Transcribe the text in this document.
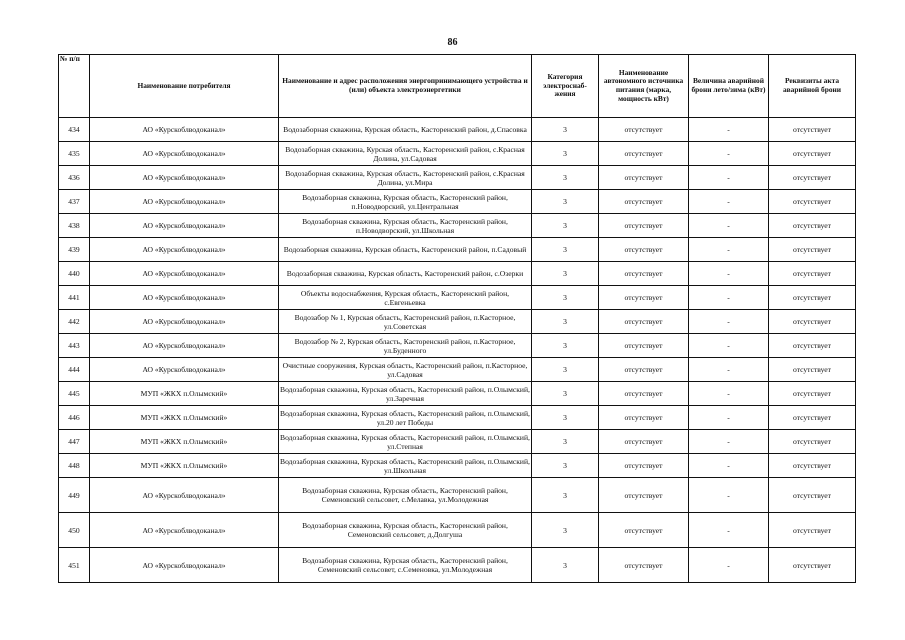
86
№ п/п	Наименование потребителя	Наименование и адрес расположения энергопринимающего устройства и (или) объекта электроэнергетики	Категория электроснаб-жения	Наименование автономного источника питания (марка, мощность кВт)	Величина аварийной брони лето/зима (кВт)	Реквизиты акта аварийной брони
434	АО «Курскоблводоканал»	Водозаборная скважина, Курская область, Касторенский район, д.Спасовка	3	отсутствует	-	отсутствует
435	АО «Курскоблводоканал»	Водозаборная скважина, Курская область, Касторенский район, с.Красная Долина, ул.Садовая	3	отсутствует	-	отсутствует
436	АО «Курскоблводоканал»	Водозаборная скважина, Курская область, Касторенский район, с.Красная Долина, ул.Мира	3	отсутствует	-	отсутствует
437	АО «Курскоблводоканал»	Водозаборная скважина, Курская область, Касторенский район, п.Новодворский, ул.Центральная	3	отсутствует	-	отсутствует
438	АО «Курскоблводоканал»	Водозаборная скважина, Курская область, Касторенский район, п.Новодворский, ул.Школьная	3	отсутствует	-	отсутствует
439	АО «Курскоблводоканал»	Водозаборная скважина, Курская область, Касторенский район, п.Садовый	3	отсутствует	-	отсутствует
440	АО «Курскоблводоканал»	Водозаборная скважина, Курская область, Касторенский район, с.Озерки	3	отсутствует	-	отсутствует
441	АО «Курскоблводоканал»	Объекты водоснабжения, Курская область, Касторенский район, с.Евгеньевка	3	отсутствует	-	отсутствует
442	АО «Курскоблводоканал»	Водозабор № 1, Курская область, Касторенский район, п.Касторное, ул.Советская	3	отсутствует	-	отсутствует
443	АО «Курскоблводоканал»	Водозабор № 2, Курская область, Касторенский район, п.Касторное, ул.Буденного	3	отсутствует	-	отсутствует
444	АО «Курскоблводоканал»	Очистные сооружения, Курская область, Касторенский район, п.Касторное, ул.Садовая	3	отсутствует	-	отсутствует
445	МУП «ЖКХ п.Олымский»	Водозаборная скважина, Курская область, Касторенский район, п.Олымский, ул.Заречная	3	отсутствует	-	отсутствует
446	МУП «ЖКХ п.Олымский»	Водозаборная скважина, Курская область, Касторенский район, п.Олымский, ул.20 лет Победы	3	отсутствует	-	отсутствует
447	МУП «ЖКХ п.Олымский»	Водозаборная скважина, Курская область, Касторенский район, п.Олымский, ул.Степная	3	отсутствует	-	отсутствует
448	МУП «ЖКХ п.Олымский»	Водозаборная скважина, Курская область, Касторенский район, п.Олымский, ул.Школьная	3	отсутствует	-	отсутствует
449	АО «Курскоблводоканал»	Водозаборная скважина, Курская область, Касторенский район, Семеновский сельсовет, с.Мелавка, ул.Молодежная	3	отсутствует	-	отсутствует
450	АО «Курскоблводоканал»	Водозаборная скважина, Курская область, Касторенский район, Семеновский сельсовет, д.Долгуша	3	отсутствует	-	отсутствует
451	АО «Курскоблводоканал»	Водозаборная скважина, Курская область, Касторенский район, Семеновский сельсовет, с.Семеновка, ул.Молодежная	3	отсутствует	-	отсутствует
